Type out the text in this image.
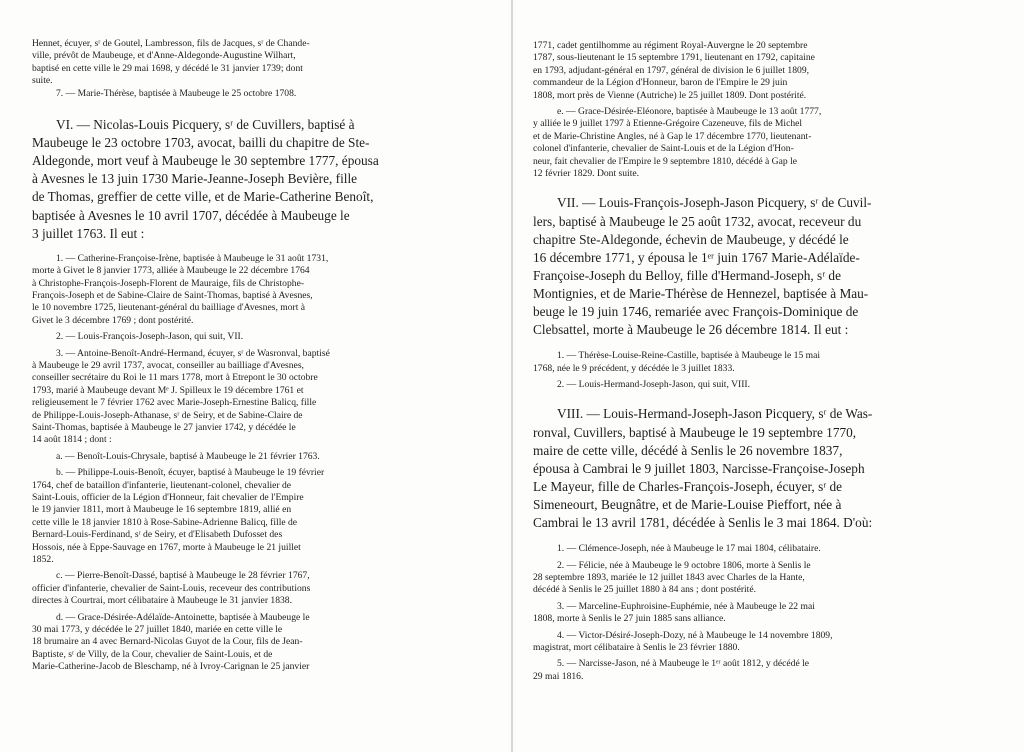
Hennet, écuyer, sʳ de Goutel, Lambresson, fils de Jacques, sʳ de Chande-

ville, prévôt de Maubeuge, et d'Anne-Aldegonde-Augustine Wilhart,

baptisé en cette ville le 29 mai 1698, y décédé le 31 janvier 1739; dont

suite.

7. — Marie-Thérèse, baptisée à Maubeuge le 25 octobre 1708.

VI. — Nicolas-Louis Picquery, sʳ de Cuvillers, baptisé à

Maubeuge le 23 octobre 1703, avocat, bailli du chapitre de Ste-

Aldegonde, mort veuf à Maubeuge le 30 septembre 1777, épousa

à Avesnes le 13 juin 1730 Marie-Jeanne-Joseph Bevière, fille

de Thomas, greffier de cette ville, et de Marie-Catherine Benoît,

baptisée à Avesnes le 10 avril 1707, décédée à Maubeuge le

3 juillet 1763. Il eut :

1. — Catherine-Françoise-Irène, baptisée à Maubeuge le 31 août 1731,

morte à Givet le 8 janvier 1773, alliée à Maubeuge le 22 décembre 1764

à Christophe-François-Joseph-Florent de Mauraige, fils de Christophe-

François-Joseph et de Sabine-Claire de Saint-Thomas, baptisé à Avesnes,

le 10 novembre 1725, lieutenant-général du bailliage d'Avesnes, mort à

Givet le 3 décembre 1769 ; dont postérité.

2. — Louis-François-Joseph-Jason, qui suit, VII.

3. — Antoine-Benoît-André-Hermand, écuyer, sʳ de Wasronval, baptisé

à Maubeuge le 29 avril 1737, avocat, conseiller au bailliage d'Avesnes,

conseiller secrétaire du Roi le 11 mars 1778, mort à Etrepont le 30 octobre

1793, marié à Maubeuge devant Mᵉ J. Spilleux le 19 décembre 1761 et

religieusement le 7 février 1762 avec Marie-Joseph-Ernestine Balicq, fille

de Philippe-Louis-Joseph-Athanase, sʳ de Seiry, et de Sabine-Claire de

Saint-Thomas, baptisée à Maubeuge le 27 janvier 1742, y décédée le

14 août 1814 ; dont :

a. — Benoît-Louis-Chrysale, baptisé à Maubeuge le 21 février 1763.

b. — Philippe-Louis-Benoît, écuyer, baptisé à Maubeuge le 19 février

1764, chef de bataillon d'infanterie, lieutenant-colonel, chevalier de

Saint-Louis, officier de la Légion d'Honneur, fait chevalier de l'Empire

le 19 janvier 1811, mort à Maubeuge le 16 septembre 1819, allié en

cette ville le 18 janvier 1810 à Rose-Sabine-Adrienne Balicq, fille de

Bernard-Louis-Ferdinand, sʳ de Seiry, et d'Elisabeth Dufosset des

Hossois, née à Eppe-Sauvage en 1767, morte à Maubeuge le 21 juillet

1852.

c. — Pierre-Benoît-Dassé, baptisé à Maubeuge le 28 février 1767,

officier d'infanterie, chevalier de Saint-Louis, receveur des contributions

directes à Courtrai, mort célibataire à Maubeuge le 31 janvier 1838.

d. — Grace-Désirée-Adélaïde-Antoinette, baptisée à Maubeuge le

30 mai 1773, y décédée le 27 juillet 1840, mariée en cette ville le

18 brumaire an 4 avec Bernard-Nicolas Guyot de la Cour, fils de Jean-

Baptiste, sʳ de Villy, de la Cour, chevalier de Saint-Louis, et de

Marie-Catherine-Jacob de Bleschamp, né à Ivroy-Carignan le 25 janvier

1771, cadet gentilhomme au régiment Royal-Auvergne le 20 septembre

1787, sous-lieutenant le 15 septembre 1791, lieutenant en 1792, capitaine

en 1793, adjudant-général en 1797, général de division le 6 juillet 1809,

commandeur de la Légion d'Honneur, baron de l'Empire le 29 juin

1808, mort près de Vienne (Autriche) le 25 juillet 1809. Dont postérité.

e. — Grace-Désirée-Eléonore, baptisée à Maubeuge le 13 août 1777,

y alliée le 9 juillet 1797 à Etienne-Grégoire Cazeneuve, fils de Michel

et de Marie-Christine Angles, né à Gap le 17 décembre 1770, lieutenant-

colonel d'infanterie, chevalier de Saint-Louis et de la Légion d'Hon-

neur, fait chevalier de l'Empire le 9 septembre 1810, décédé à Gap le

12 février 1829. Dont suite.

VII. — Louis-François-Joseph-Jason Picquery, sʳ de Cuvil-

lers, baptisé à Maubeuge le 25 août 1732, avocat, receveur du

chapitre Ste-Aldegonde, échevin de Maubeuge, y décédé le

16 décembre 1771, y épousa le 1ᵉʳ juin 1767 Marie-Adélaïde-

Françoise-Joseph du Belloy, fille d'Hermand-Joseph, sʳ de

Montignies, et de Marie-Thérèse de Hennezel, baptisée à Mau-

beuge le 19 juin 1746, remariée avec François-Dominique de

Clebsattel, morte à Maubeuge le 26 décembre 1814. Il eut :

1. — Thérèse-Louise-Reine-Castille, baptisée à Maubeuge le 15 mai

1768, née le 9 précédent, y décédée le 3 juillet 1833.

2. — Louis-Hermand-Joseph-Jason, qui suit, VIII.

VIII. — Louis-Hermand-Joseph-Jason Picquery, sʳ de Was-

ronval, Cuvillers, baptisé à Maubeuge le 19 septembre 1770,

maire de cette ville, décédé à Senlis le 26 novembre 1837,

épousa à Cambrai le 9 juillet 1803, Narcisse-Françoise-Joseph

Le Mayeur, fille de Charles-François-Joseph, écuyer, sʳ de

Simeneourt, Beugnâtre, et de Marie-Louise Pieffort, née à

Cambrai le 13 avril 1781, décédée à Senlis le 3 mai 1864. D'où:

1. — Clémence-Joseph, née à Maubeuge le 17 mai 1804, célibataire.

2. — Félicie, née à Maubeuge le 9 octobre 1806, morte à Senlis le

28 septembre 1893, mariée le 12 juillet 1843 avec Charles de la Hante,

décédé à Senlis le 25 juillet 1880 à 84 ans ; dont postérité.

3. — Marceline-Euphroisine-Euphémie, née à Maubeuge le 22 mai

1808, morte à Senlis le 27 juin 1885 sans alliance.

4. — Victor-Désiré-Joseph-Dozy, né à Maubeuge le 14 novembre 1809,

magistrat, mort célibataire à Senlis le 23 février 1880.

5. — Narcisse-Jason, né à Maubeuge le 1ᵉʳ août 1812, y décédé le

29 mai 1816.
